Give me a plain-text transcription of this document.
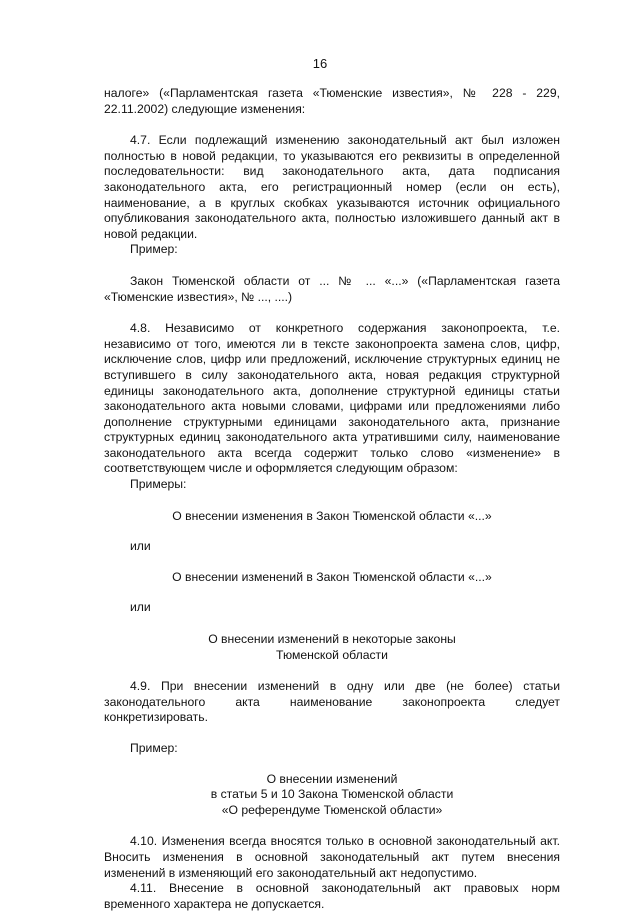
16

налоге» («Парламентская газета «Тюменские известия», № 228 - 229, 22.11.2002) следующие изменения:

4.7. Если подлежащий изменению законодательный акт был изложен полностью в новой редакции, то указываются его реквизиты в определенной последовательности: вид законодательного акта, дата подписания законодательного акта, его регистрационный номер (если он есть), наименование, а в круглых скобках указываются источник официального опубликования законодательного акта, полностью изложившего данный акт в новой редакции.

Пример:

Закон Тюменской области от ... № ... «...» («Парламентская газета «Тюменские известия», № ..., ....)

4.8. Независимо от конкретного содержания законопроекта, т.е. независимо от того, имеются ли в тексте законопроекта замена слов, цифр, исключение слов, цифр или предложений, исключение структурных единиц не вступившего в силу законодательного акта, новая редакция структурной единицы законодательного акта, дополнение структурной единицы статьи законодательного акта новыми словами, цифрами или предложениями либо дополнение структурными единицами законодательного акта, признание структурных единиц законодательного акта утратившими силу, наименование законодательного акта всегда содержит только слово «изменение» в соответствующем числе и оформляется следующим образом:

Примеры:

О внесении изменения в Закон Тюменской области «...»

или

О внесении изменений в Закон Тюменской области «...»

или

О внесении изменений в некоторые законы

Тюменской области

4.9. При внесении изменений в одну или две (не более) статьи законодательного акта наименование законопроекта следует конкретизировать.

Пример:

О внесении изменений

в статьи 5 и 10 Закона Тюменской области

«О референдуме Тюменской области»

4.10. Изменения всегда вносятся только в основной законодательный акт. Вносить изменения в основной законодательный акт путем внесения изменений в изменяющий его законодательный акт недопустимо.

4.11. Внесение в основной законодательный акт правовых норм временного характера не допускается.
